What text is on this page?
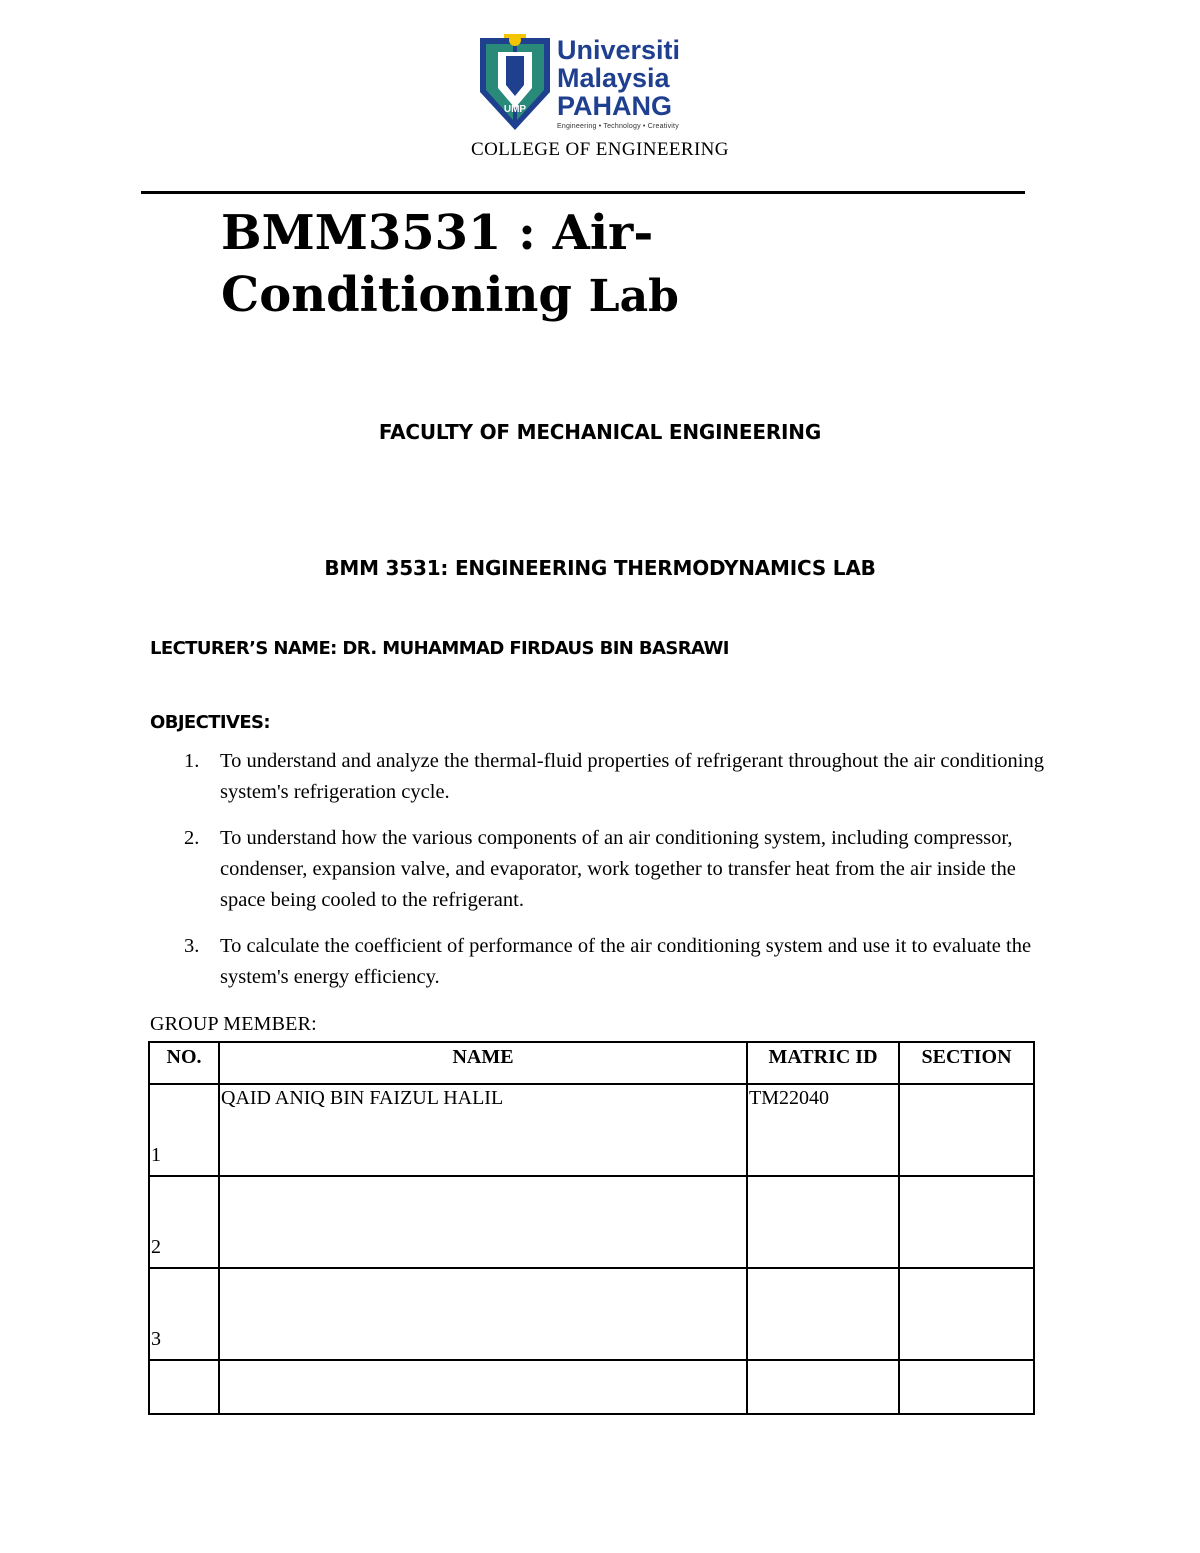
UMP
Universiti
Malaysia
PAHANG
Engineering • Technology • Creativity
COLLEGE OF ENGINEERING
BMM3531 : Air-
Conditioning Lab
FACULTY OF MECHANICAL ENGINEERING
BMM 3531: ENGINEERING THERMODYNAMICS LAB
LECTURER’S NAME: DR. MUHAMMAD FIRDAUS BIN BASRAWI
OBJECTIVES:
1. To understand and analyze the thermal-fluid properties of refrigerant throughout the air conditioning system's refrigeration cycle.
2. To understand how the various components of an air conditioning system, including compressor, condenser, expansion valve, and evaporator, work together to transfer heat from the air inside the space being cooled to the refrigerant.
3. To calculate the coefficient of performance of the air conditioning system and use it to evaluate the system's energy efficiency.
GROUP MEMBER:
NO.	NAME	MATRIC ID	SECTION

1	QAID ANIQ BIN FAIZUL HALIL	TM22040	

2			

3			
